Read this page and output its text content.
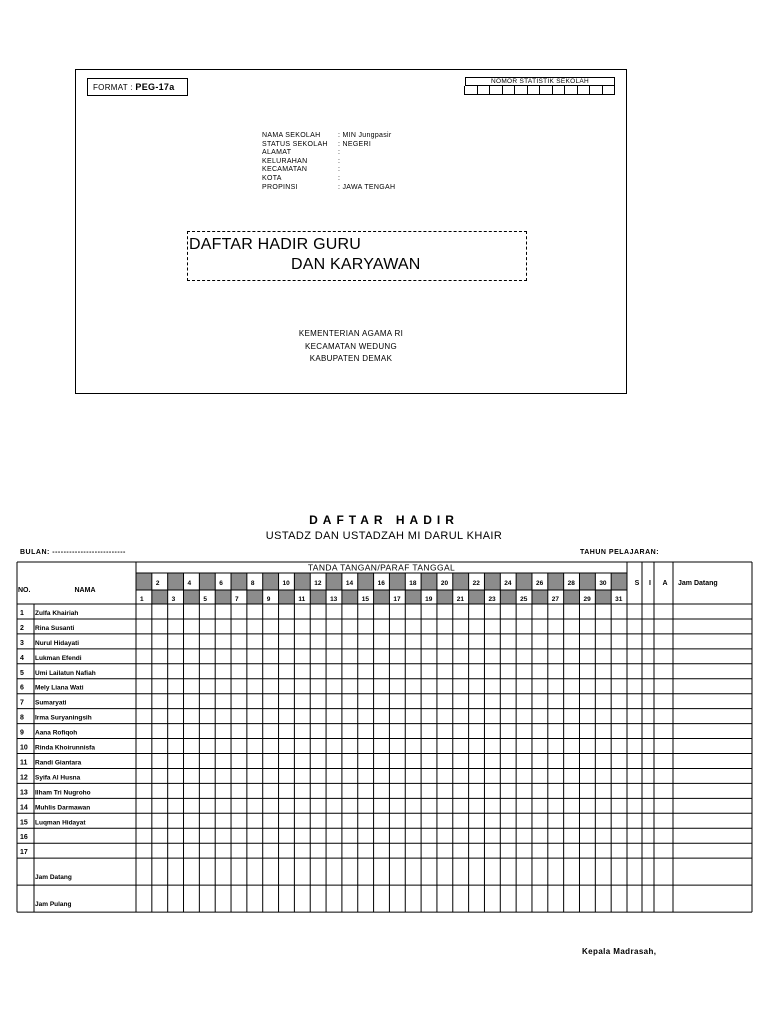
FORMAT : PEG-17a
NOMOR STATISTIK SEKOLAH
NAMA SEKOLAH	: MIN Jungpasir
STATUS SEKOLAH	: NEGERI
ALAMAT	:
KELURAHAN	:
KECAMATAN	:
KOTA	:
PROPINSI	: JAWA TENGAH
DAFTAR HADIR GURU
DAN KARYAWAN
KEMENTERIAN AGAMA RI
KECAMATAN WEDUNG
KABUPATEN DEMAK
DAFTAR HADIR
USTADZ DAN USTADZAH MI DARUL KHAIR
BULAN: --------------------------	TAHUN PELAJARAN:
TANDA TANGAN/PARAF TANGGAL
NO.	NAMA
S I A Jam Datang
2	4	6	8	10	12	14	16	18	20	22	24	26	28	30
1	3	5	7	9	11	13	15	17	19	21	23	25	27	29	31
1 Zulfa Khairiah
2 Rina Susanti
3 Nurul Hidayati
4 Lukman Efendi
5 Umi Lailatun Nafiah
6 Mely Liana Wati
7 Sumaryati
8 Irma Suryaningsih
9 Aana Rofiqoh
10 Rinda Khoirunnisfa
11 Randi Giantara
12 Syifa Al Husna
13 Ilham Tri Nugroho
14 Muhlis Darmawan
15 Luqman Hidayat
16
17
Jam Datang
Jam Pulang
Kepala Madrasah,
